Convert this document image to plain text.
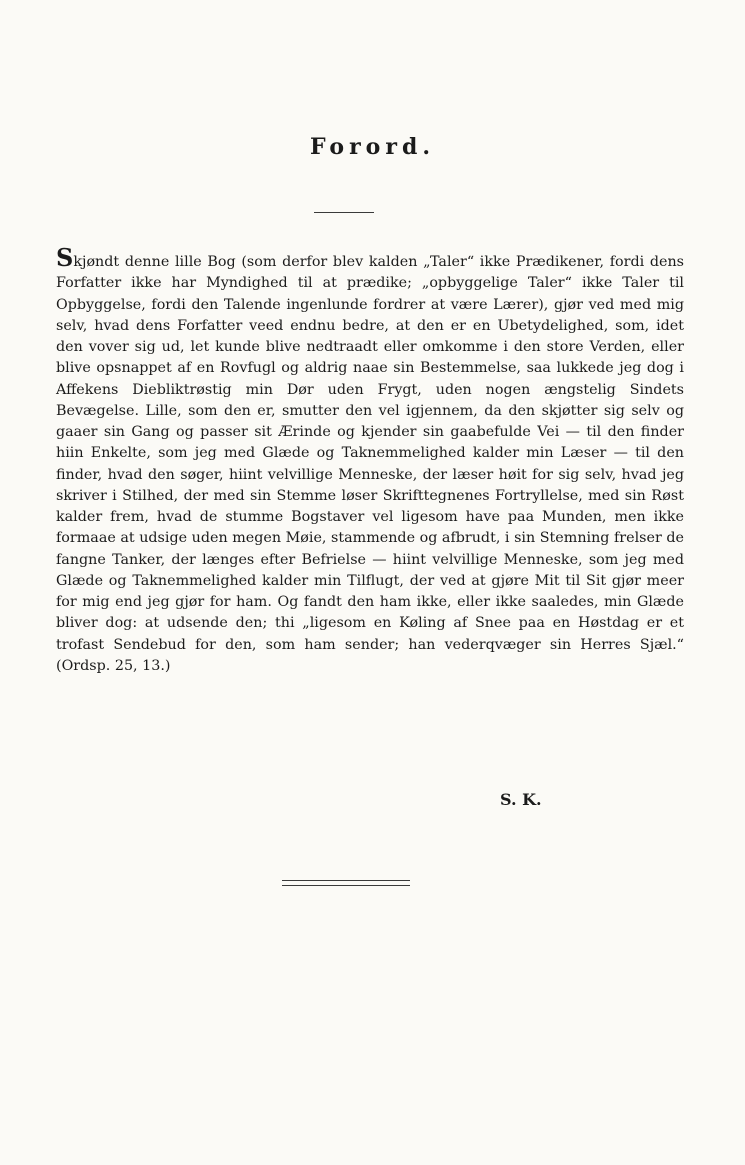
Forord.

Skjøndt denne lille Bog (som derfor blev kalden „Taler“ ikke Prædikener, fordi dens Forfatter ikke har Myndighed til at prædike; „opbyggelige Taler“ ikke Taler til Opbyggelse, fordi den Talende ingenlunde fordrer at være Lærer), gjør ved med mig selv, hvad dens Forfatter veed endnu bedre, at den er en Ubetydelighed, som, idet den vover sig ud, let kunde blive nedtraadt eller omkomme i den store Verden, eller blive opsnappet af en Rovfugl og aldrig naae sin Bestemmelse, saa lukkede jeg dog i Affekens Diebliktrøstig min Dør uden Frygt, uden nogen ængstelig Sindets Bevægelse. Lille, som den er, smutter den vel igjennem, da den skjøtter sig selv og gaaer sin Gang og passer sit Ærinde og kjender sin gaabefulde Vei — til den finder hiin Enkelte, som jeg med Glæde og Taknemmelighed kalder min Læser — til den finder, hvad den søger, hiint velvillige Menneske, der læser høit for sig selv, hvad jeg skriver i Stilhed, der med sin Stemme løser Skrifttegnenes Fortryllelse, med sin Røst kalder frem, hvad de stumme Bogstaver vel ligesom have paa Munden, men ikke formaae at udsige uden megen Møie, stammende og afbrudt, i sin Stemning frelser de fangne Tanker, der længes efter Befrielse — hiint velvillige Menneske, som jeg med Glæde og Taknemmelighed kalder min Tilflugt, der ved at gjøre Mit til Sit gjør meer for mig end jeg gjør for ham. Og fandt den ham ikke, eller ikke saaledes, min Glæde bliver dog: at udsende den; thi „ligesom en Køling af Snee paa en Høstdag er et trofast Sendebud for den, som ham sender; han vederqvæger sin Herres Sjæl.“ (Ordsp. 25, 13.)

S. K.
